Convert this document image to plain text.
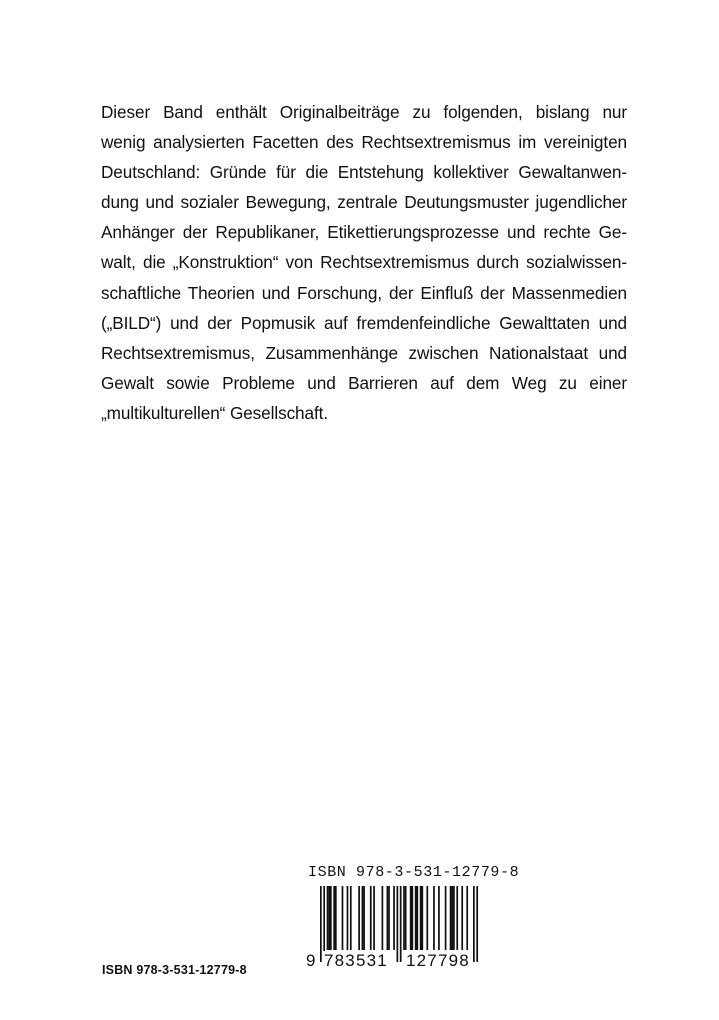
Dieser Band enthält Originalbeiträge zu folgenden, bislang nur
wenig analysierten Facetten des Rechtsextremismus im vereinigten
Deutschland: Gründe für die Entstehung kollektiver Gewaltanwen-
dung und sozialer Bewegung, zentrale Deutungsmuster jugendlicher
Anhänger der Republikaner, Etikettierungsprozesse und rechte Ge-
walt, die „Konstruktion“ von Rechtsextremismus durch sozialwissen-
schaftliche Theorien und Forschung, der Einfluß der Massenmedien
(„BILD“) und der Popmusik auf fremdenfeindliche Gewalttaten und
Rechtsextremismus, Zusammenhänge zwischen Nationalstaat und
Gewalt sowie Probleme und Barrieren auf dem Weg zu einer
„multikulturellen“ Gesellschaft.
ISBN 978-3-531-12779-8
9 783531 127798
ISBN 978-3-531-12779-8
